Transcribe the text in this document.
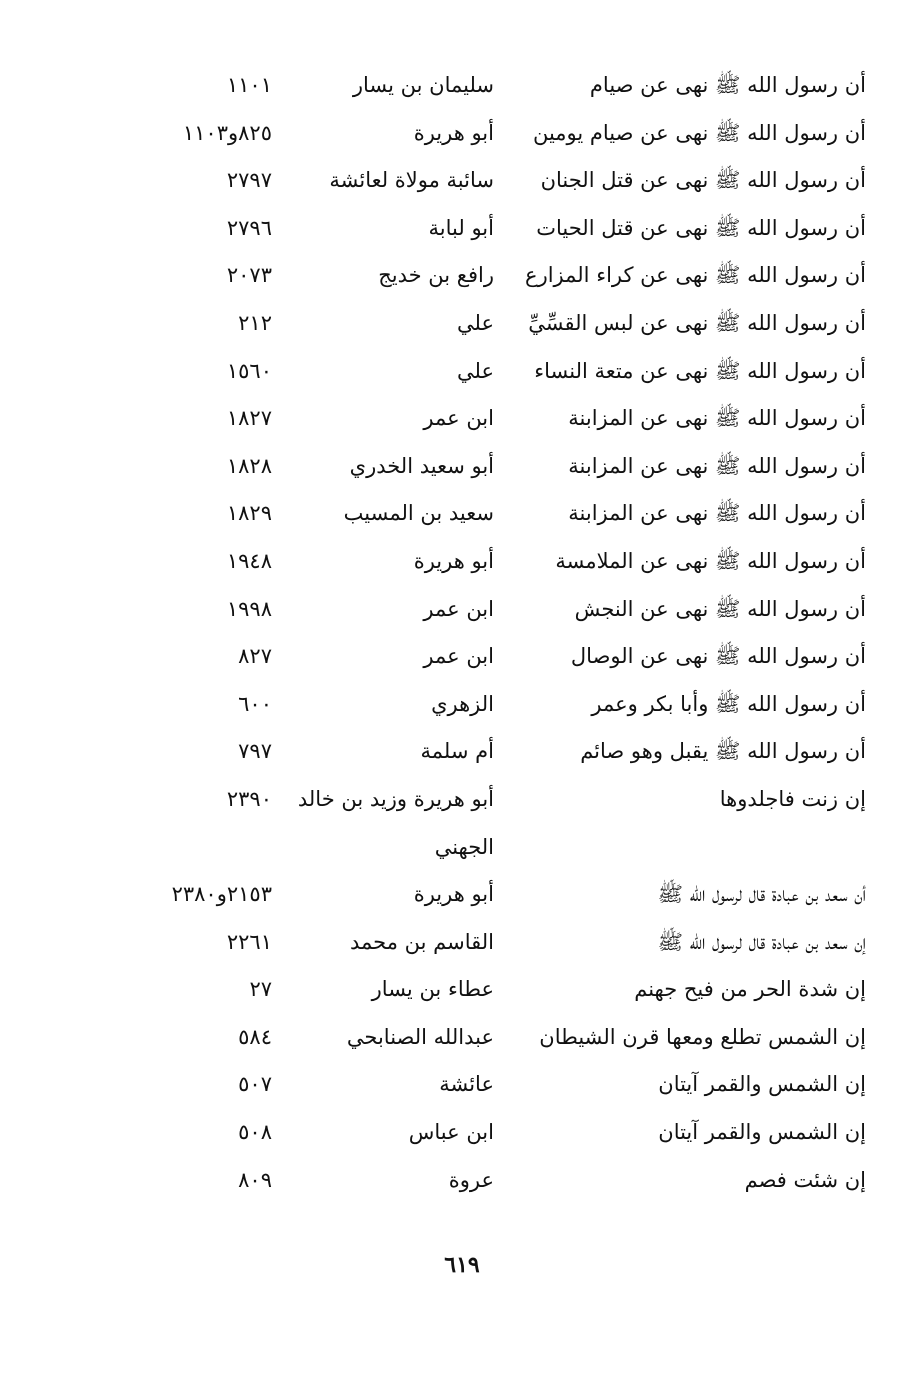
أن رسول الله ﷺ نهى عن صيام
سليمان بن يسار
١١٠١
أن رسول الله ﷺ نهى عن صيام يومين
أبو هريرة
٨٢٥و١١٠٣
أن رسول الله ﷺ نهى عن قتل الجنان
سائبة مولاة لعائشة
٢٧٩٧
أن رسول الله ﷺ نهى عن قتل الحيات
أبو لبابة
٢٧٩٦
أن رسول الله ﷺ نهى عن كراء المزارع
رافع بن خديج
٢٠٧٣
أن رسول الله ﷺ نهى عن لبس القسِّيِّ
علي
٢١٢
أن رسول الله ﷺ نهى عن متعة النساء
علي
١٥٦٠
أن رسول الله ﷺ نهى عن المزابنة
ابن عمر
١٨٢٧
أن رسول الله ﷺ نهى عن المزابنة
أبو سعيد الخدري
١٨٢٨
أن رسول الله ﷺ نهى عن المزابنة
سعيد بن المسيب
١٨٢٩
أن رسول الله ﷺ نهى عن الملامسة
أبو هريرة
١٩٤٨
أن رسول الله ﷺ نهى عن النجش
ابن عمر
١٩٩٨
أن رسول الله ﷺ نهى عن الوصال
ابن عمر
٨٢٧
أن رسول الله ﷺ وأبا بكر وعمر
الزهري
٦٠٠
أن رسول الله ﷺ يقبل وهو صائم
أم سلمة
٧٩٧
إن زنت فاجلدوها
أبو هريرة وزيد بن خالد
٢٣٩٠
الجهني
أن سعد بن عبادة قال لرسول الله ﷺ
أبو هريرة
٢١٥٣و٢٣٨٠
إن سعد بن عبادة قال لرسول الله ﷺ
القاسم بن محمد
٢٢٦١
إن شدة الحر من فيح جهنم
عطاء بن يسار
٢٧
إن الشمس تطلع ومعها قرن الشيطان
عبدالله الصنابحي
٥٨٤
إن الشمس والقمر آيتان
عائشة
٥٠٧
إن الشمس والقمر آيتان
ابن عباس
٥٠٨
إن شئت فصم
عروة
٨٠٩
٦١٩
